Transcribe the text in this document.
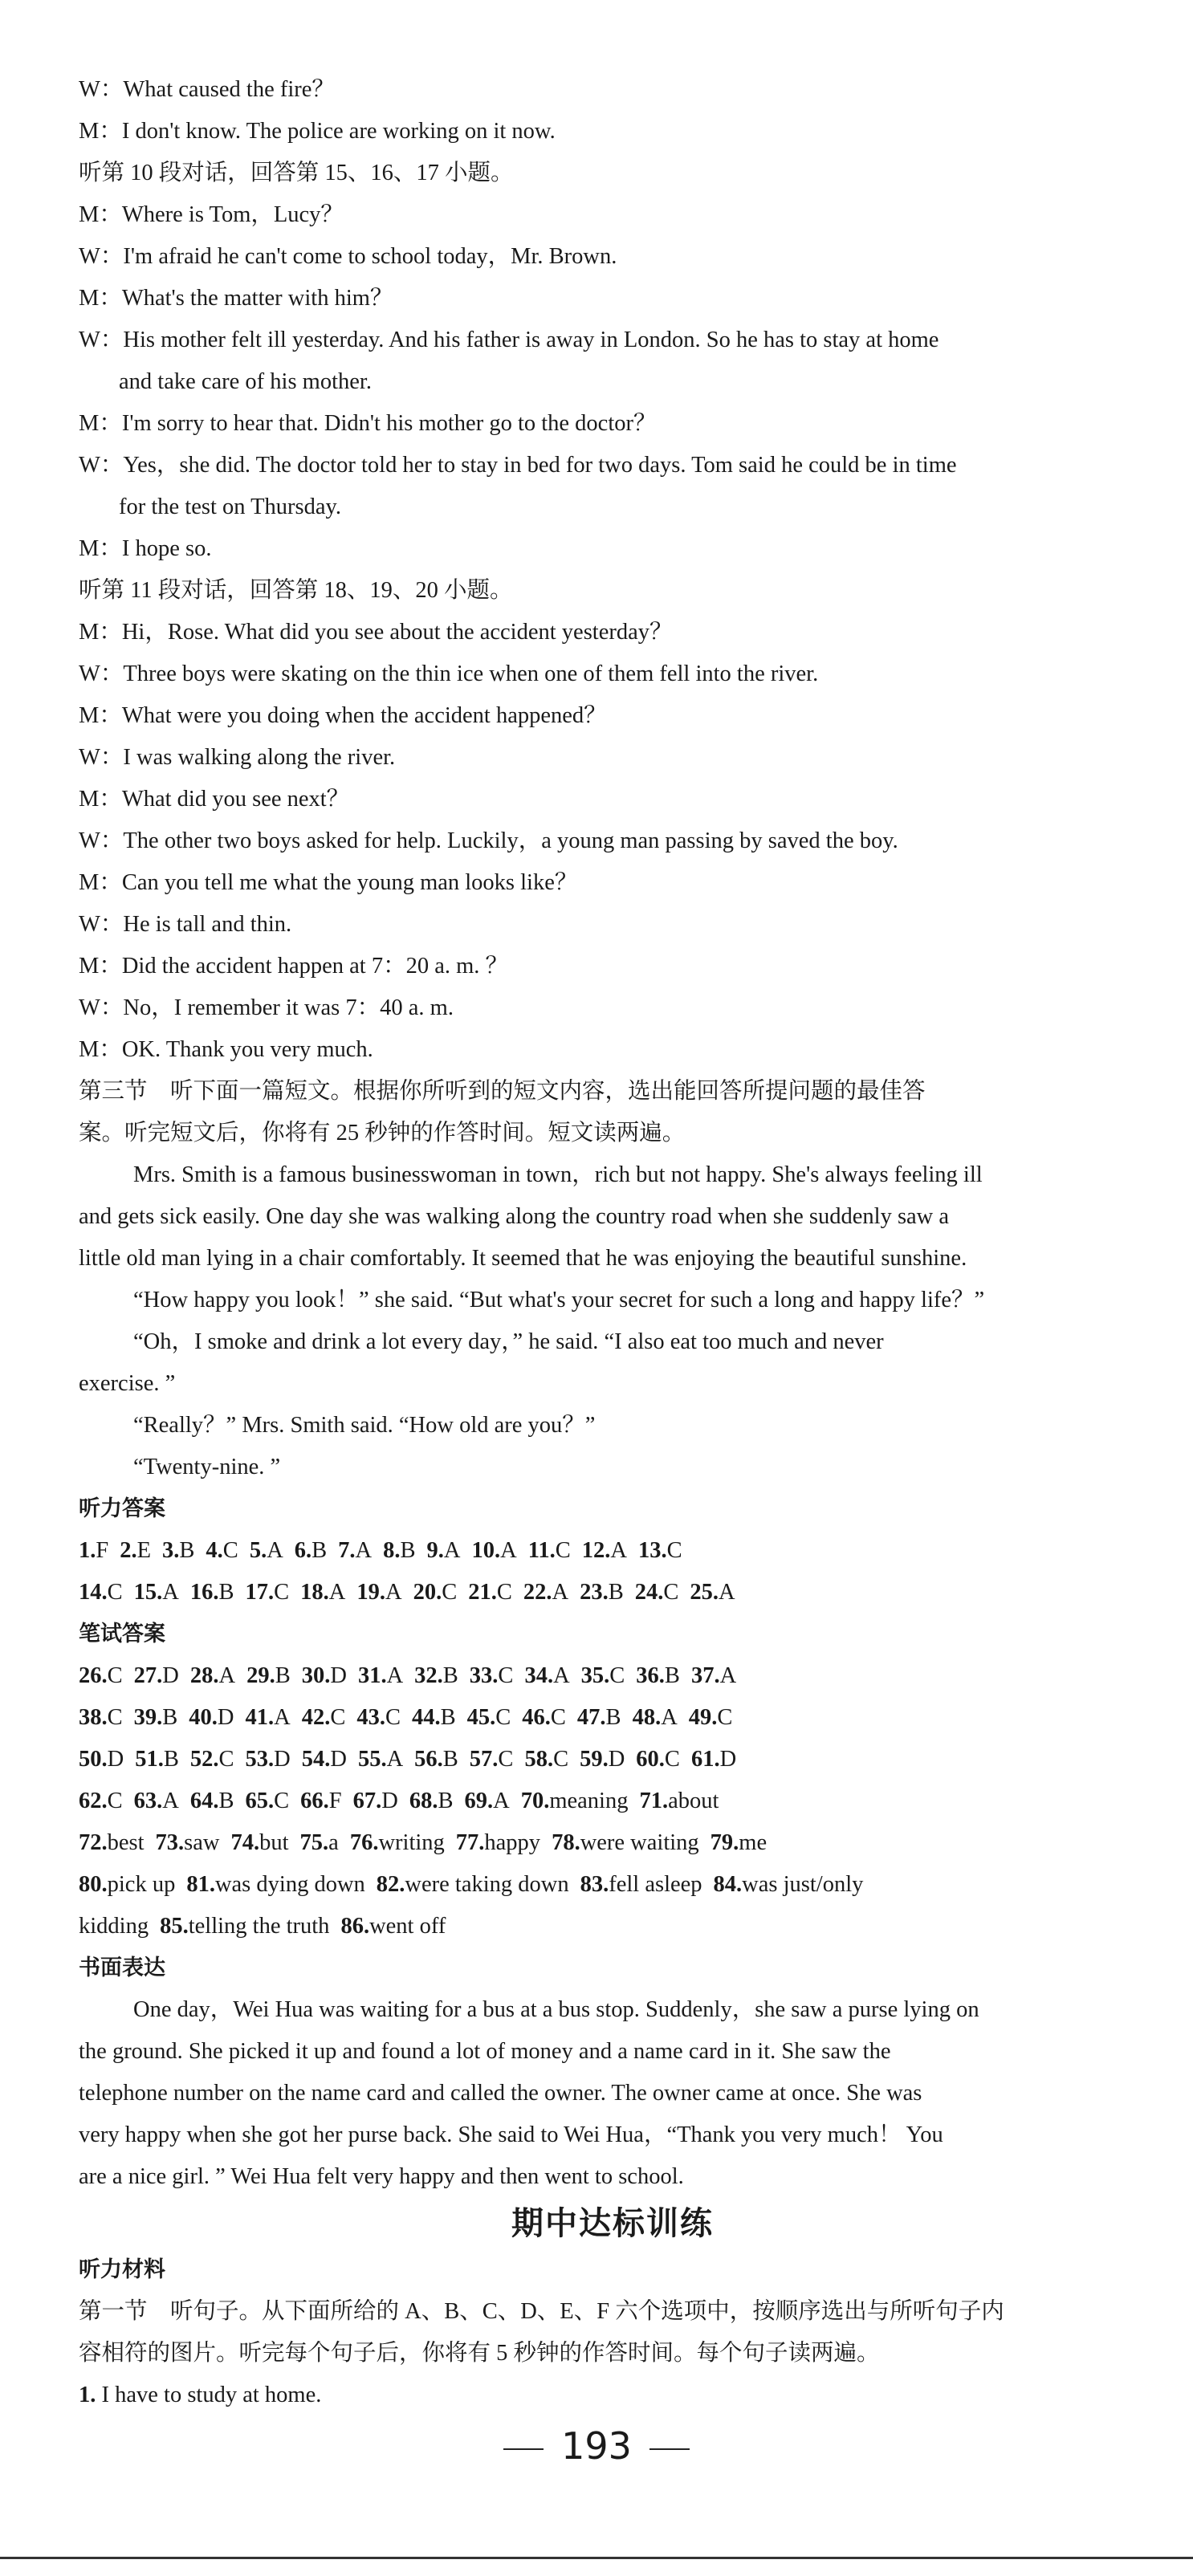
W：What caused the fire？
M：I don't know. The police are working on it now.
听第 10 段对话，回答第 15、16、17 小题。
M：Where is Tom，Lucy？
W：I'm afraid he can't come to school today，Mr. Brown.
M：What's the matter with him？
W：His mother felt ill yesterday. And his father is away in London. So he has to stay at home
and take care of his mother.
M：I'm sorry to hear that. Didn't his mother go to the doctor？
W：Yes，she did. The doctor told her to stay in bed for two days. Tom said he could be in time
for the test on Thursday.
M：I hope so.
听第 11 段对话，回答第 18、19、20 小题。
M：Hi，Rose. What did you see about the accident yesterday？
W：Three boys were skating on the thin ice when one of them fell into the river.
M：What were you doing when the accident happened？
W：I was walking along the river.
M：What did you see next？
W：The other two boys asked for help. Luckily，a young man passing by saved the boy.
M：Can you tell me what the young man looks like？
W：He is tall and thin.
M：Did the accident happen at 7：20 a. m. ？
W：No，I remember it was 7：40 a. m.
M：OK. Thank you very much.
第三节　听下面一篇短文。根据你所听到的短文内容，选出能回答所提问题的最佳答
案。听完短文后，你将有 25 秒钟的作答时间。短文读两遍。
Mrs. Smith is a famous businesswoman in town，rich but not happy. She's always feeling ill
and gets sick easily. One day she was walking along the country road when she suddenly saw a
little old man lying in a chair comfortably. It seemed that he was enjoying the beautiful sunshine.
“How happy you look！” she said. “But what's your secret for such a long and happy life？”
“Oh，I smoke and drink a lot every day，” he said. “I also eat too much and never
exercise. ”
“Really？” Mrs. Smith said. “How old are you？”
“Twenty-nine. ”
听力答案
1.F 2.E 3.B 4.C 5.A 6.B 7.A 8.B 9.A 10.A 11.C 12.A 13.C
14.C 15.A 16.B 17.C 18.A 19.A 20.C 21.C 22.A 23.B 24.C 25.A
笔试答案
26.C 27.D 28.A 29.B 30.D 31.A 32.B 33.C 34.A 35.C 36.B 37.A
38.C 39.B 40.D 41.A 42.C 43.C 44.B 45.C 46.C 47.B 48.A 49.C
50.D 51.B 52.C 53.D 54.D 55.A 56.B 57.C 58.C 59.D 60.C 61.D
62.C 63.A 64.B 65.C 66.F 67.D 68.B 69.A 70.meaning 71.about
72.best 73.saw 74.but 75.a 76.writing 77.happy 78.were waiting 79.me
80.pick up 81.was dying down 82.were taking down 83.fell asleep 84.was just/only
kidding 85.telling the truth 86.went off
书面表达
One day，Wei Hua was waiting for a bus at a bus stop. Suddenly，she saw a purse lying on
the ground. She picked it up and found a lot of money and a name card in it. She saw the
telephone number on the name card and called the owner. The owner came at once. She was
very happy when she got her purse back. She said to Wei Hua，“Thank you very much！ You
are a nice girl. ” Wei Hua felt very happy and then went to school.
期中达标训练
听力材料
第一节　听句子。从下面所给的 A、B、C、D、E、F 六个选项中，按顺序选出与所听句子内
容相符的图片。听完每个句子后，你将有 5 秒钟的作答时间。每个句子读两遍。
1. I have to study at home.
193
